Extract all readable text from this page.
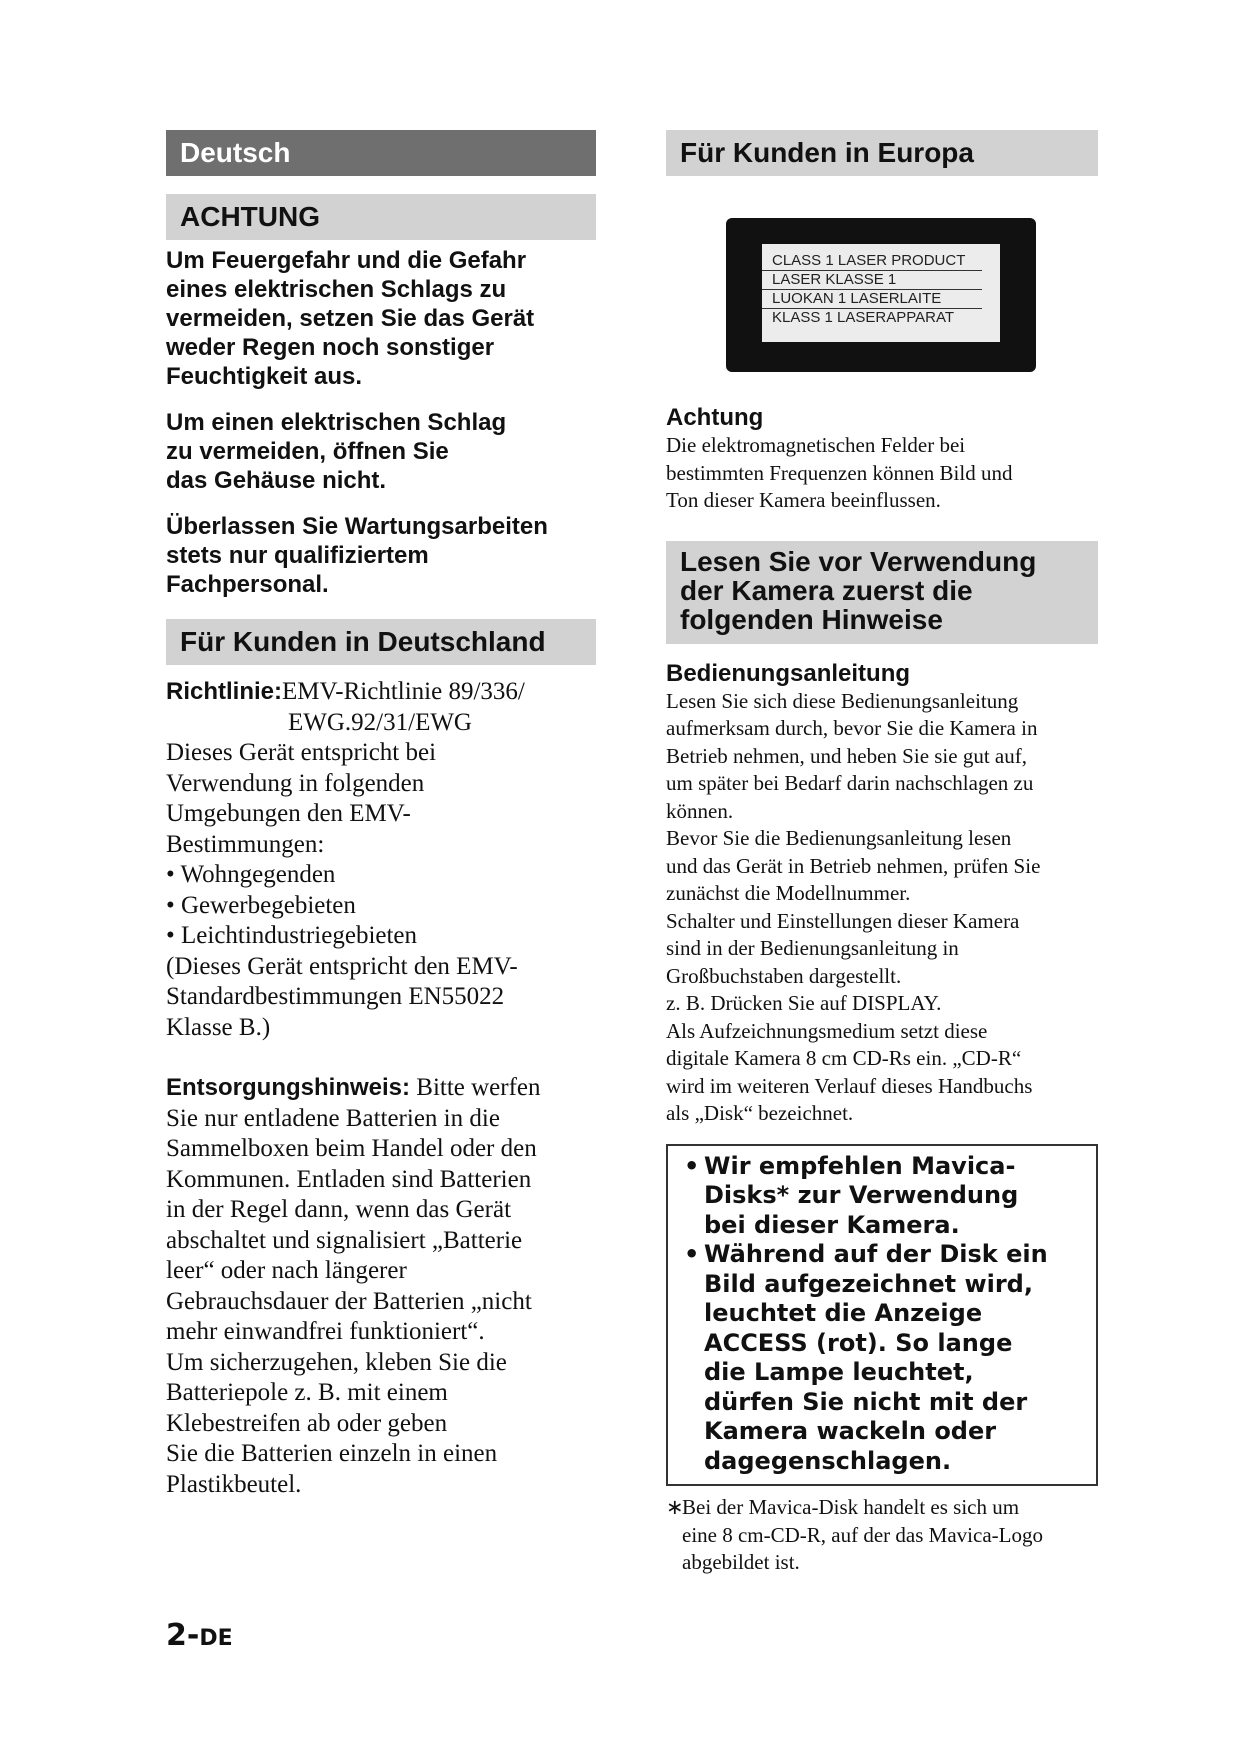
Deutsch
ACHTUNG

Um Feuergefahr und die Gefahr

eines elektrischen Schlags zu

vermeiden, setzen Sie das Gerät

weder Regen noch sonstiger

Feuchtigkeit aus.

Um einen elektrischen Schlag

zu vermeiden, öffnen Sie

das Gehäuse nicht.

Überlassen Sie Wartungsarbeiten

stets nur qualifiziertem

Fachpersonal.

Für Kunden in Deutschland

Richtlinie:EMV-Richtlinie 89/336/

EWG.92/31/EWG

Dieses Gerät entspricht bei

Verwendung in folgenden

Umgebungen den EMV-

Bestimmungen:

• Wohngegenden
• Gewerbegebieten
• Leichtindustriegebieten

(Dieses Gerät entspricht den EMV-

Standardbestimmungen EN55022

Klasse B.)

Entsorgungshinweis: Bitte werfen

Sie nur entladene Batterien in die

Sammelboxen beim Handel oder den

Kommunen. Entladen sind Batterien

in der Regel dann, wenn das Gerät

abschaltet und signalisiert „Batterie

leer“ oder nach längerer

Gebrauchsdauer der Batterien „nicht

mehr einwandfrei funktioniert“.

Um sicherzugehen, kleben Sie die

Batteriepole z. B. mit einem

Klebestreifen ab oder geben

Sie die Batterien einzeln in einen

Plastikbeutel.

Für Kunden in Europa
CLASS 1 LASER PRODUCT
LASER KLASSE 1
LUOKAN 1 LASERLAITE
KLASS 1 LASERAPPARAT

Achtung

Die elektromagnetischen Felder bei

bestimmten Frequenzen können Bild und

Ton dieser Kamera beeinflussen.

Lesen Sie vor Verwendung
der Kamera zuerst die
folgenden Hinweise

Bedienungsanleitung

Lesen Sie sich diese Bedienungsanleitung

aufmerksam durch, bevor Sie die Kamera in

Betrieb nehmen, und heben Sie sie gut auf,

um später bei Bedarf darin nachschlagen zu

können.

Bevor Sie die Bedienungsanleitung lesen

und das Gerät in Betrieb nehmen, prüfen Sie

zunächst die Modellnummer.

Schalter und Einstellungen dieser Kamera

sind in der Bedienungsanleitung in

Großbuchstaben dargestellt.

z. B. Drücken Sie auf DISPLAY.

Als Aufzeichnungsmedium setzt diese

digitale Kamera 8 cm CD-Rs ein. „CD-R“

wird im weiteren Verlauf dieses Handbuchs

als „Disk“ bezeichnet.

• Wir empfehlen Mavica-

Disks* zur Verwendung

bei dieser Kamera.

• Während auf der Disk ein

Bild aufgezeichnet wird,

leuchtet die Anzeige

ACCESS (rot). So lange

die Lampe leuchtet,

dürfen Sie nicht mit der

Kamera wackeln oder

dagegenschlagen.

∗
Bei der Mavica-Disk handelt es sich um

eine 8 cm-CD-R, auf der das Mavica-Logo

abgebildet ist.

2-DE
